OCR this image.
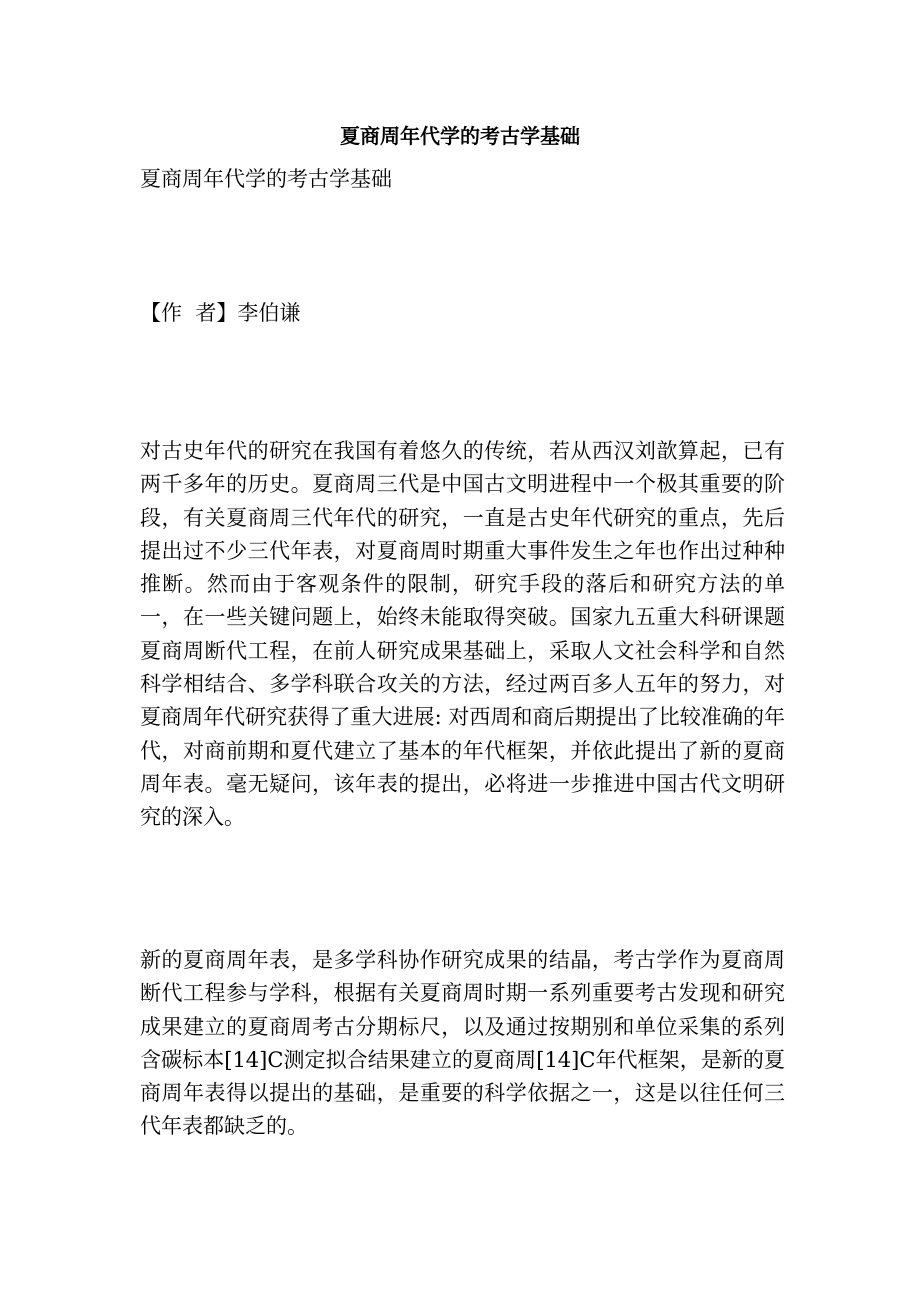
夏商周年代学的考古学基础

夏商周年代学的考古学基础

【作  者】李伯谦

对古史年代的研究在我国有着悠久的传统，若从西汉刘歆算起，已有两千多年的历史。夏商周三代是中国古文明进程中一个极其重要的阶段，有关夏商周三代年代的研究，一直是古史年代研究的重点，先后提出过不少三代年表，对夏商周时期重大事件发生之年也作出过种种推断。然而由于客观条件的限制，研究手段的落后和研究方法的单一，在一些关键问题上，始终未能取得突破。国家九五重大科研课题夏商周断代工程，在前人研究成果基础上，采取人文社会科学和自然科学相结合、多学科联合攻关的方法，经过两百多人五年的努力，对夏商周年代研究获得了重大进展: 对西周和商后期提出了比较准确的年代，对商前期和夏代建立了基本的年代框架，并依此提出了新的夏商周年表。毫无疑问，该年表的提出，必将进一步推进中国古代文明研究的深入。

新的夏商周年表，是多学科协作研究成果的结晶，考古学作为夏商周断代工程参与学科，根据有关夏商周时期一系列重要考古发现和研究成果建立的夏商周考古分期标尺，以及通过按期别和单位采集的系列含碳标本[14]C测定拟合结果建立的夏商周[14]C年代框架，是新的夏商周年表得以提出的基础，是重要的科学依据之一，这是以往任何三代年表都缺乏的。
